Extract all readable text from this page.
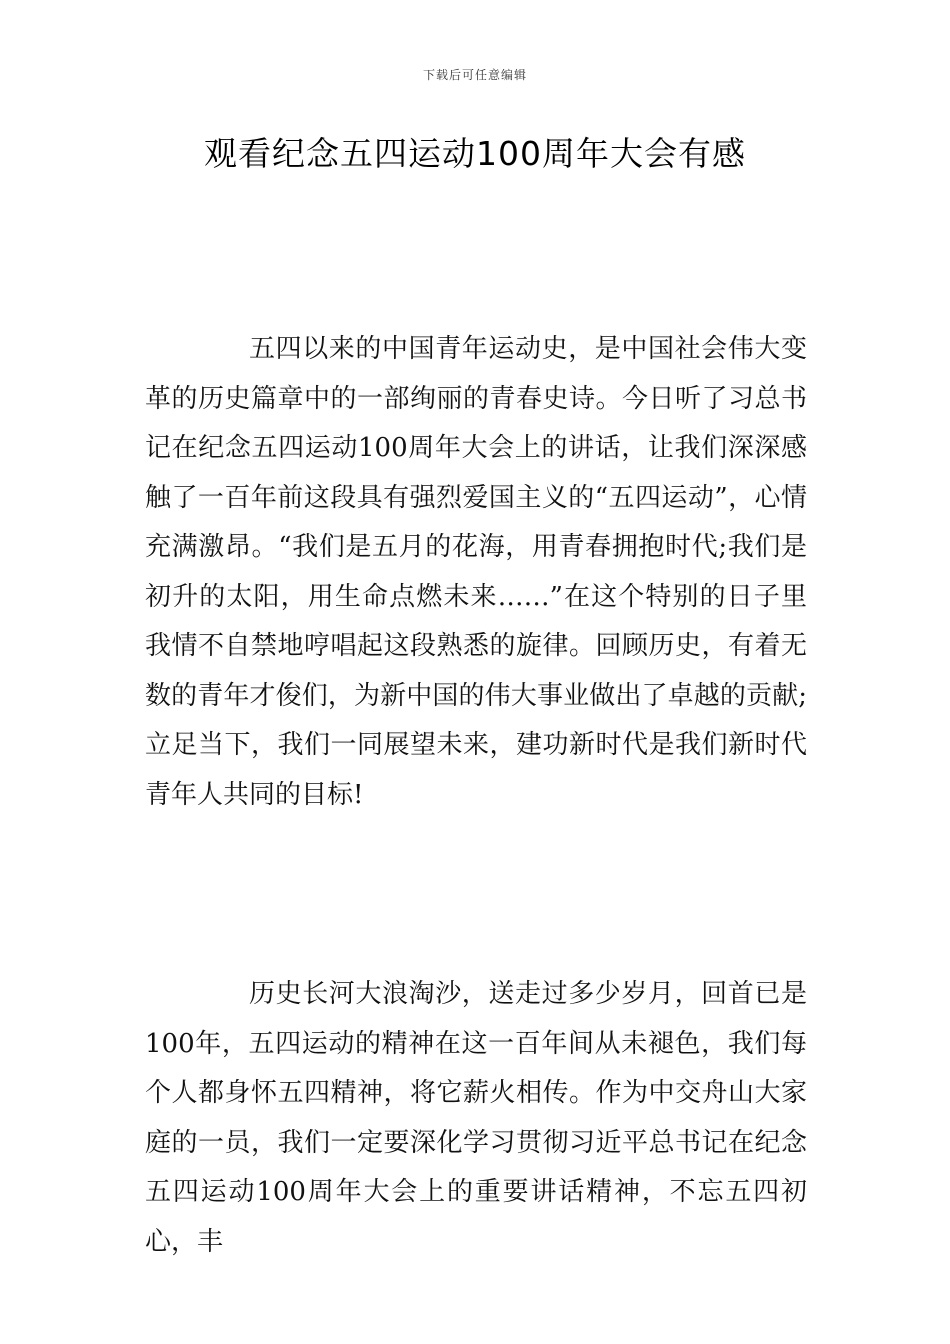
下载后可任意编辑
观看纪念五四运动100周年大会有感

五四以来的中国青年运动史，是中国社会伟大变革的历史篇章中的一部绚丽的青春史诗。今日听了习总书记在纪念五四运动100周年大会上的讲话，让我们深深感触了一百年前这段具有强烈爱国主义的“五四运动”，心情充满激昂。“我们是五月的花海，用青春拥抱时代;我们是初升的太阳，用生命点燃未来……”在这个特别的日子里我情不自禁地哼唱起这段熟悉的旋律。回顾历史，有着无数的青年才俊们，为新中国的伟大事业做出了卓越的贡献;立足当下，我们一同展望未来，建功新时代是我们新时代青年人共同的目标!

历史长河大浪淘沙，送走过多少岁月，回首已是100年，五四运动的精神在这一百年间从未褪色，我们每个人都身怀五四精神，将它薪火相传。作为中交舟山大家庭的一员，我们一定要深化学习贯彻习近平总书记在纪念五四运动100周年大会上的重要讲话精神，不忘五四初心，丰
